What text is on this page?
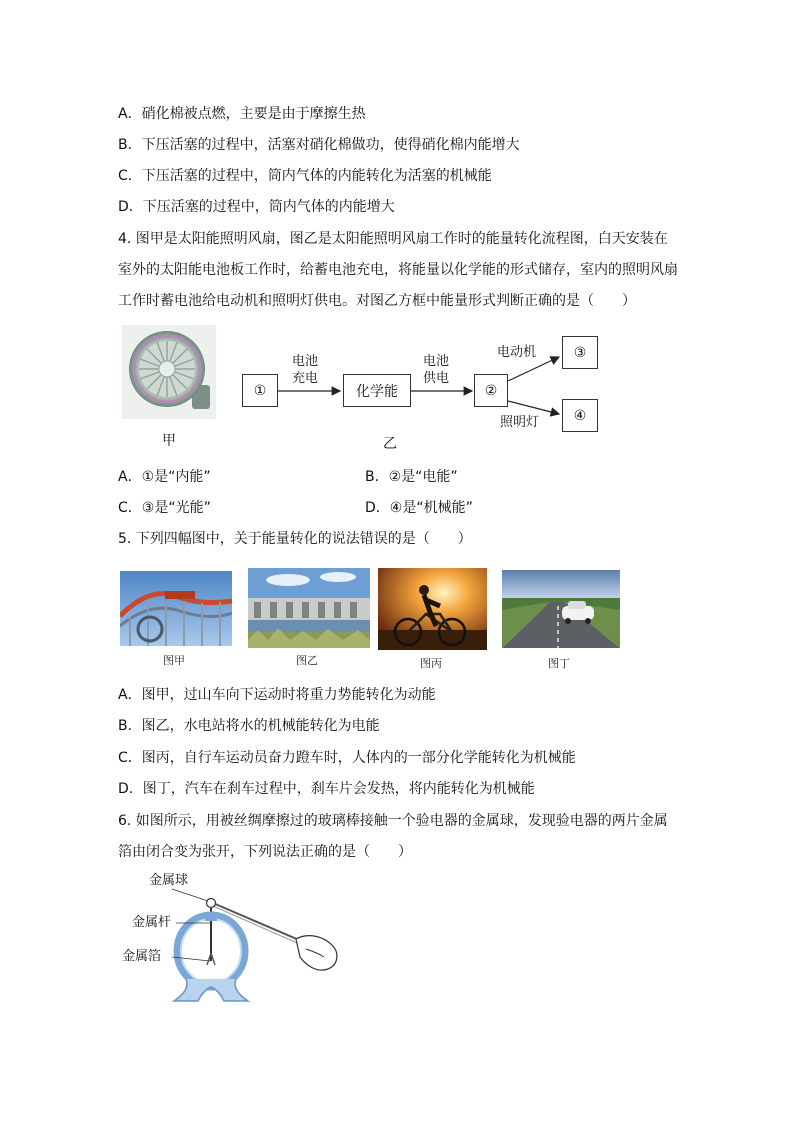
A．硝化棉被点燃，主要是由于摩擦生热
B．下压活塞的过程中，活塞对硝化棉做功，使得硝化棉内能增大
C．下压活塞的过程中，筒内气体的内能转化为活塞的机械能
D．下压活塞的过程中，筒内气体的内能增大
4. 图甲是太阳能照明风扇，图乙是太阳能照明风扇工作时的能量转化流程图，白天安装在
室外的太阳能电池板工作时，给蓄电池充电，将能量以化学能的形式储存，室内的照明风扇
工作时蓄电池给电动机和照明灯供电。对图乙方框中能量形式判断正确的是（　　）
甲
①
电池
充电
化学能
电池
供电
②
电动机	③
照明灯	④
乙
A．①是“内能”	B．②是“电能”
C．③是“光能”	D．④是“机械能”
5. 下列四幅图中，关于能量转化的说法错误的是（　　）
图甲	图乙	图丙	图丁
A．图甲，过山车向下运动时将重力势能转化为动能
B．图乙，水电站将水的机械能转化为电能
C．图丙，自行车运动员奋力蹬车时，人体内的一部分化学能转化为机械能
D．图丁，汽车在刹车过程中，刹车片会发热，将内能转化为机械能
6. 如图所示，用被丝绸摩擦过的玻璃棒接触一个验电器的金属球，发现验电器的两片金属
箔由闭合变为张开，下列说法正确的是（　　）
金属球
金属杆
金属箔
